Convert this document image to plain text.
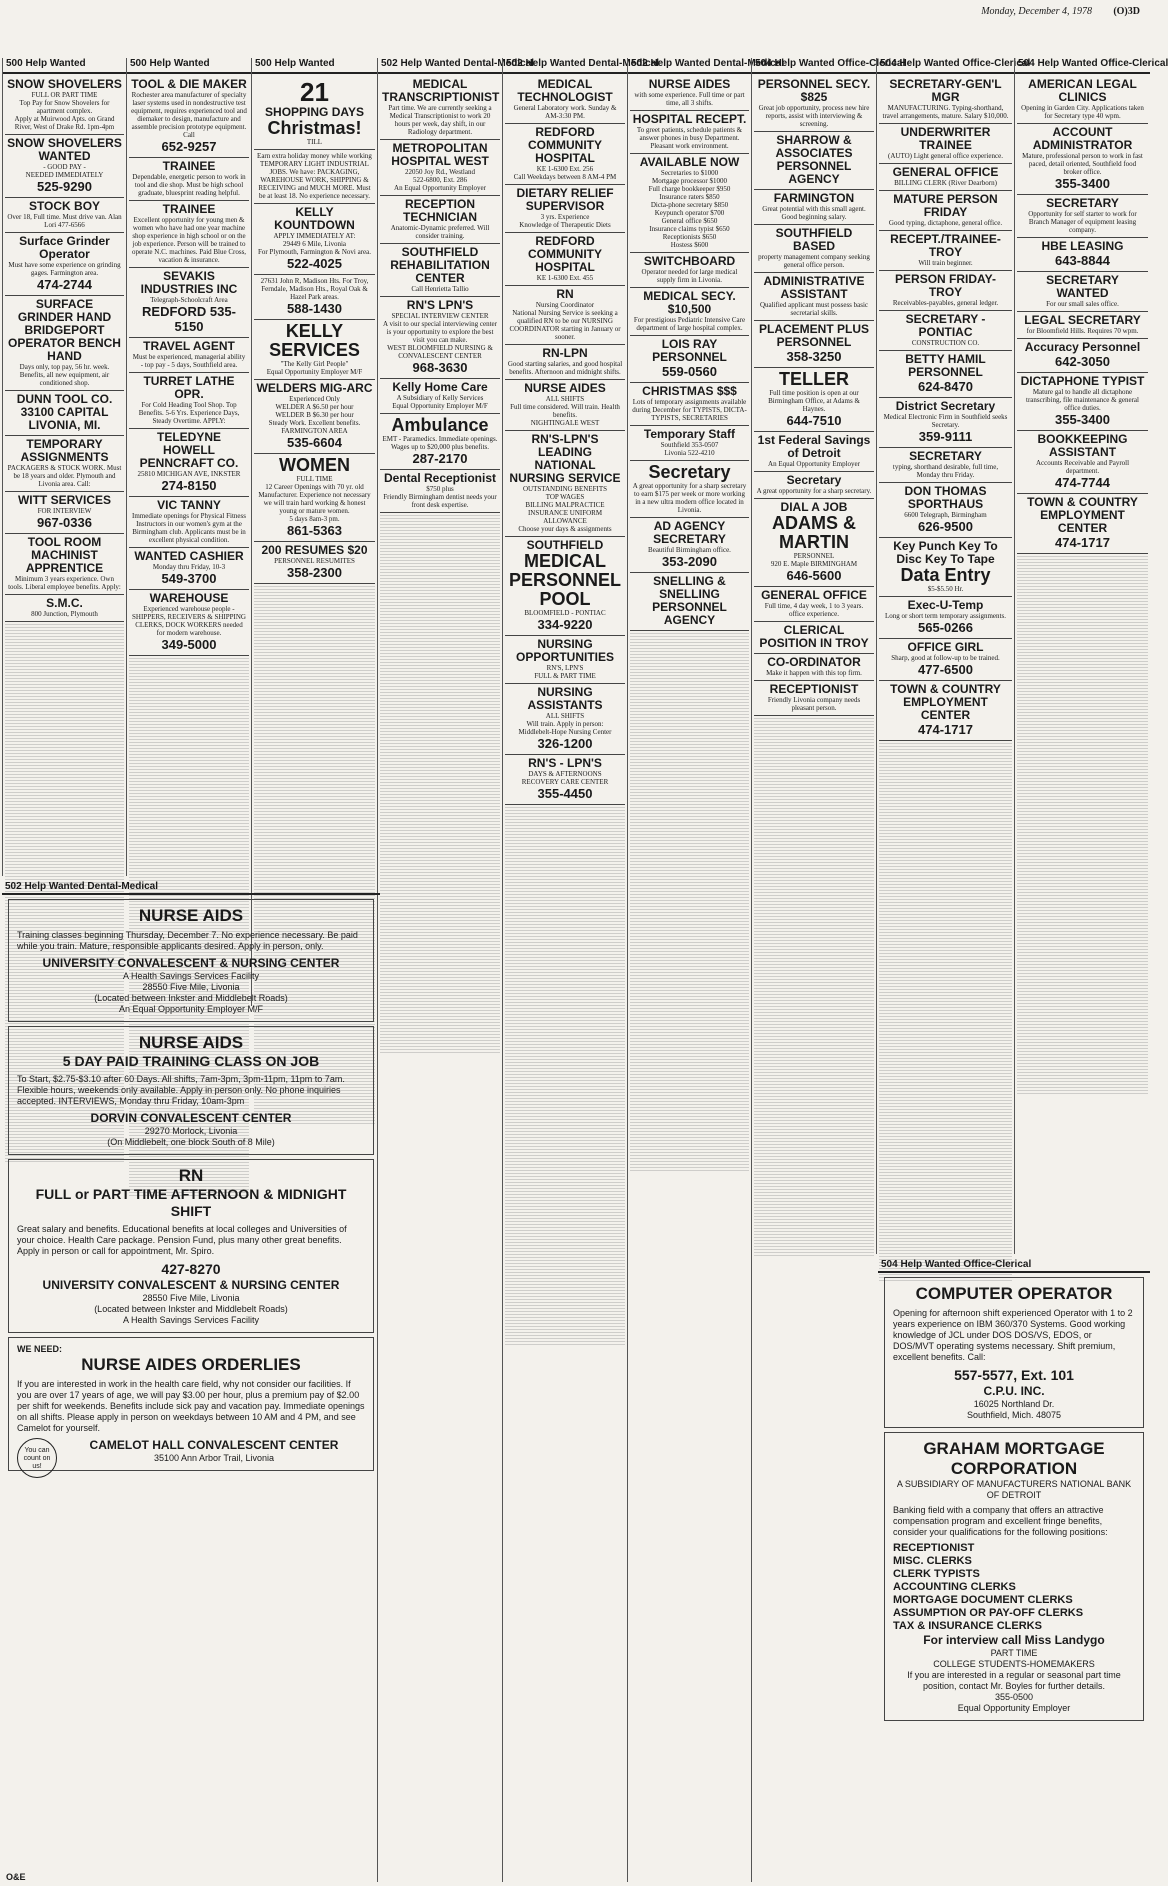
Monday, December 4, 1978 (O)3D
500 Help Wanted
SNOW SHOVELERS
FULL OR PART TIME
Top Pay for Snow Shovelers for apartment complex.
Apply at Muirwood Apts. on Grand River, West of Drake Rd. 1pm-4pm
SNOW SHOVELERS WANTED
- GOOD PAY -
NEEDED IMMEDIATELY
525-9290
STOCK BOY
Over 18, Full time. Must drive van. Alan Lori 477-6566
Surface Grinder Operator
Must have some experience on grinding gages. Farmington area.
474-2744
SURFACE GRINDER HAND BRIDGEPORT OPERATOR BENCH HAND
Days only, top pay, 56 hr. week. Benefits, all new equipment, air conditioned shop.
DUNN TOOL CO. 33100 CAPITAL LIVONIA, MI.
TEMPORARY ASSIGNMENTS
PACKAGERS & STOCK WORK. Must be 18 years and older. Plymouth and Livonia area. Call:
WITT SERVICES
FOR INTERVIEW
967-0336
TOOL ROOM MACHINIST APPRENTICE
Minimum 3 years experience. Own tools. Liberal employee benefits. Apply:
S.M.C.
800 Junction, Plymouth
500 Help Wanted
TOOL & DIE MAKER
Rochester area manufacturer of specialty laser systems used in nondestructive test equipment, requires experienced tool and diemaker to design, manufacture and assemble precision prototype equipment. Call
652-9257
TRAINEE
Dependable, energetic person to work in tool and die shop. Must be high school graduate, bluesprint reading helpful.
TRAINEE
Excellent opportunity for young men & women who have had one year machine shop experience in high school or on the job experience. Person will be trained to operate N.C. machines. Paid Blue Cross, vacation & insurance.
SEVAKIS INDUSTRIES INC
Telegraph-Schoolcraft Area
REDFORD 535-5150
TRAVEL AGENT
Must be experienced, managerial ability - top pay - 5 days, Southfield area.
TURRET LATHE OPR.
For Cold Heading Tool Shop. Top Benefits. 5-6 Yrs. Experience Days, Steady Overtime. APPLY:
TELEDYNE HOWELL PENNCRAFT CO.
25810 MICHIGAN AVE, INKSTER
274-8150
VIC TANNY
Immediate openings for Physical Fitness Instructors in our women's gym at the Birmingham club. Applicants must be in excellent physical condition.
WANTED CASHIER
Monday thru Friday, 10-3
549-3700
WAREHOUSE
Experienced warehouse people - SHIPPERS, RECEIVERS & SHIPPING CLERKS, DOCK WORKERS needed for modern warehouse.
349-5000
500 Help Wanted
21
SHOPPING DAYS
Christmas!
TILL
Earn extra holiday money while working TEMPORARY LIGHT INDUSTRIAL JOBS. We have: PACKAGING, WAREHOUSE WORK, SHIPPING & RECEIVING and MUCH MORE. Must be at least 18. No experience necessary.
KELLY KOUNTDOWN
APPLY IMMEDIATELY AT:
29449 6 Mile, Livonia
For Plymouth, Farmington & Novi area.
522-4025
27631 John R, Madison Hts. For Troy, Ferndale, Madison Hts., Royal Oak & Hazel Park areas.
588-1430
KELLY SERVICES
"The Kelly Girl People"
Equal Opportunity Employer M/F
WELDERS MIG-ARC
Experienced Only
WELDER A $6.50 per hour
WELDER B $6.30 per hour
Steady Work. Excellent benefits.
FARMINGTON AREA
535-6604
WOMEN
FULL TIME
12 Career Openings with 70 yr. old Manufacturer. Experience not necessary we will train hard working & honest young or mature women.
5 days 8am-3 pm.
861-5363
200 RESUMES $20
PERSONNEL RESUMITES
358-2300
502 Help Wanted Dental-Medical
MEDICAL TRANSCRIPTIONIST
Part time. We are currently seeking a Medical Transcriptionist to work 20 hours per week, day shift, in our Radiology department.
METROPOLITAN HOSPITAL WEST
22050 Joy Rd., Westland
522-6800, Ext. 286
An Equal Opportunity Employer
RECEPTION TECHNICIAN
Anatomic-Dynamic preferred. Will consider training.
SOUTHFIELD REHABILITATION CENTER
Call Henrietta Tallio
RN'S LPN'S
SPECIAL INTERVIEW CENTER
A visit to our special interviewing center is your opportunity to explore the best visit you can make.
WEST BLOOMFIELD NURSING & CONVALESCENT CENTER
968-3630
Kelly Home Care
A Subsidiary of Kelly Services
Equal Opportunity Employer M/F
Ambulance
EMT - Paramedics. Immediate openings. Wages up to $20,000 plus benefits.
287-2170
Dental Receptionist
$750 plus
Friendly Birmingham dentist needs your front desk expertise.
502 Help Wanted Dental-Medical
MEDICAL TECHNOLOGIST
General Laboratory work. Sunday & AM-3:30 PM.
REDFORD COMMUNITY HOSPITAL
KE 1-6300 Ext. 256
Call Weekdays between 8 AM-4 PM
DIETARY RELIEF SUPERVISOR
3 yrs. Experience
Knowledge of Therapeutic Diets
REDFORD COMMUNITY HOSPITAL
KE 1-6300 Ext. 455
RN
Nursing Coordinator
National Nursing Service is seeking a qualified RN to be our NURSING COORDINATOR starting in January or sooner.
RN-LPN
Good starting salaries, and good hospital benefits. Afternoon and midnight shifts.
NURSE AIDES
ALL SHIFTS
Full time considered. Will train. Health benefits.
NIGHTINGALE WEST
RN'S-LPN'S LEADING NATIONAL NURSING SERVICE
OUTSTANDING BENEFITS
TOP WAGES
BILLING MALPRACTICE INSURANCE UNIFORM ALLOWANCE
Choose your days & assignments
SOUTHFIELD
MEDICAL PERSONNEL POOL
BLOOMFIELD - PONTIAC
334-9220
NURSING OPPORTUNITIES
RN'S, LPN'S
FULL & PART TIME
NURSING ASSISTANTS
ALL SHIFTS
Will train. Apply in person:
Middlebelt-Hope Nursing Center
326-1200
RN'S - LPN'S
DAYS & AFTERNOONS
RECOVERY CARE CENTER
355-4450
502 Help Wanted Dental-Medical
NURSE AIDES
with some experience. Full time or part time, all 3 shifts.
HOSPITAL RECEPT.
To greet patients, schedule patients & answer phones in busy Department. Pleasant work environment.
AVAILABLE NOW
Secretaries to $1000
Mortgage processor $1000
Full charge bookkeeper $950
Insurance raters $850
Dicta-phone secretary $850
Keypunch operator $700
General office $650
Insurance claims typist $650
Receptionists $650
Hostess $600
SWITCHBOARD
Operator needed for large medical supply firm in Livonia.
MEDICAL SECY. $10,500
For prestigious Pediatric Intensive Care department of large hospital complex.
LOIS RAY PERSONNEL
559-0560
CHRISTMAS $$$
Lots of temporary assignments available during December for TYPISTS, DICTA-TYPISTS, SECRETARIES
Temporary Staff
Southfield 353-0507
Livonia 522-4210
Secretary
A great opportunity for a sharp secretary to earn $175 per week or more working in a new ultra modern office located in Livonia.
AD AGENCY SECRETARY
Beautiful Birmingham office.
353-2090
SNELLING & SNELLING PERSONNEL AGENCY
504 Help Wanted Office-Clerical
PERSONNEL SECY. $825
Great job opportunity, process new hire reports, assist with interviewing & screening.
SHARROW & ASSOCIATES PERSONNEL AGENCY
FARMINGTON
Great potential with this small agent. Good beginning salary.
SOUTHFIELD BASED
property management company seeking general office person.
ADMINISTRATIVE ASSISTANT
Qualified applicant must possess basic secretarial skills.
PLACEMENT PLUS PERSONNEL
358-3250
TELLER
Full time position is open at our Birmingham Office, at Adams & Haynes.
644-7510
1st Federal Savings of Detroit
An Equal Opportunity Employer
Secretary
A great opportunity for a sharp secretary.
DIAL A JOB
ADAMS & MARTIN
PERSONNEL
920 E. Maple BIRMINGHAM
646-5600
GENERAL OFFICE
Full time, 4 day week, 1 to 3 years. office experience.
CLERICAL POSITION IN TROY
CO-ORDINATOR
Make it happen with this top firm.
RECEPTIONIST
Friendly Livonia company needs pleasant person.
504 Help Wanted Office-Clerical
SECRETARY-GEN'L MGR
MANUFACTURING. Typing-shorthand, travel arrangements, mature. Salary $10,000.
UNDERWRITER TRAINEE
(AUTO) Light general office experience.
GENERAL OFFICE
BILLING CLERK (River Dearborn)
MATURE PERSON FRIDAY
Good typing, dictaphone, general office.
RECEPT./TRAINEE-TROY
Will train beginner.
PERSON FRIDAY-TROY
Receivables-payables, general ledger.
SECRETARY - PONTIAC
CONSTRUCTION CO.
BETTY HAMIL PERSONNEL
624-8470
District Secretary
Medical Electronic Firm in Southfield seeks Secretary.
359-9111
SECRETARY
typing, shorthand desirable, full time, Monday thru Friday.
DON THOMAS SPORTHAUS
6600 Telegraph, Birmingham
626-9500
Key Punch Key To Disc Key To Tape
Data Entry
$5-$5.50 Hr.
Exec-U-Temp
Long or short term temporary assignments.
565-0266
OFFICE GIRL
Sharp, good at follow-up to be trained.
477-6500
TOWN & COUNTRY EMPLOYMENT CENTER
474-1717
504 Help Wanted Office-Clerical
AMERICAN LEGAL CLINICS
Opening in Garden City. Applications taken for Secretary type 40 wpm.
ACCOUNT ADMINISTRATOR
Mature, professional person to work in fast paced, detail oriented, Southfield food broker office.
355-3400
SECRETARY
Opportunity for self starter to work for Branch Manager of equipment leasing company.
HBE LEASING
643-8844
SECRETARY WANTED
For our small sales office.
LEGAL SECRETARY
for Bloomfield Hills. Requires 70 wpm.
Accuracy Personnel
642-3050
DICTAPHONE TYPIST
Mature gal to handle all dictaphone transcribing, file maintenance & general office duties.
355-3400
BOOKKEEPING ASSISTANT
Accounts Receivable and Payroll department.
474-7744
TOWN & COUNTRY EMPLOYMENT CENTER
474-1717
502 Help Wanted Dental-Medical
NURSE AIDS
Training classes beginning Thursday, December 7. No experience necessary. Be paid while you train. Mature, responsible applicants desired. Apply in person, only.
UNIVERSITY CONVALESCENT & NURSING CENTER
A Health Savings Services Facility
28550 Five Mile, Livonia
(Located between Inkster and Middlebelt Roads)
An Equal Opportunity Employer M/F
NURSE AIDS
5 DAY PAID TRAINING CLASS ON JOB
To Start, $2.75-$3.10 after 60 Days. All shifts, 7am-3pm, 3pm-11pm, 11pm to 7am. Flexible hours, weekends only available. Apply in person only. No phone inquiries accepted. INTERVIEWS, Monday thru Friday, 10am-3pm
DORVIN CONVALESCENT CENTER
29270 Morlock, Livonia
(On Middlebelt, one block South of 8 Mile)
RN
FULL or PART TIME AFTERNOON & MIDNIGHT SHIFT
Great salary and benefits. Educational benefits at local colleges and Universities of your choice. Health Care package. Pension Fund, plus many other great benefits. Apply in person or call for appointment, Mr. Spiro.
427-8270
UNIVERSITY CONVALESCENT & NURSING CENTER
28550 Five Mile, Livonia
(Located between Inkster and Middlebelt Roads)
A Health Savings Services Facility
WE NEED:
NURSE AIDES ORDERLIES
If you are interested in work in the health care field, why not consider our facilities. If you are over 17 years of age, we will pay $3.00 per hour, plus a premium pay of $2.00 per shift for weekends. Benefits include sick pay and vacation pay. Immediate openings on all shifts. Please apply in person on weekdays between 10 AM and 4 PM, and see Camelot for yourself.
You can count on us!
CAMELOT HALL CONVALESCENT CENTER
35100 Ann Arbor Trail, Livonia
504 Help Wanted Office-Clerical
COMPUTER OPERATOR
Opening for afternoon shift experienced Operator with 1 to 2 years experience on IBM 360/370 Systems. Good working knowledge of JCL under DOS DOS/VS, EDOS, or DOS/MVT operating systems necessary. Shift premium, excellent benefits. Call:
557-5577, Ext. 101
C.P.U. INC.
16025 Northland Dr.
Southfield, Mich. 48075
GRAHAM MORTGAGE CORPORATION
A SUBSIDIARY OF MANUFACTURERS NATIONAL BANK OF DETROIT
Banking field with a company that offers an attractive compensation program and excellent fringe benefits, consider your qualifications for the following positions:
RECEPTIONIST
MISC. CLERKS
CLERK TYPISTS
ACCOUNTING CLERKS
MORTGAGE DOCUMENT CLERKS
ASSUMPTION OR PAY-OFF CLERKS
TAX & INSURANCE CLERKS
For interview call Miss Landygo
PART TIME
COLLEGE STUDENTS-HOMEMAKERS
If you are interested in a regular or seasonal part time position, contact Mr. Boyles for further details.
355-0500
Equal Opportunity Employer
O&E
